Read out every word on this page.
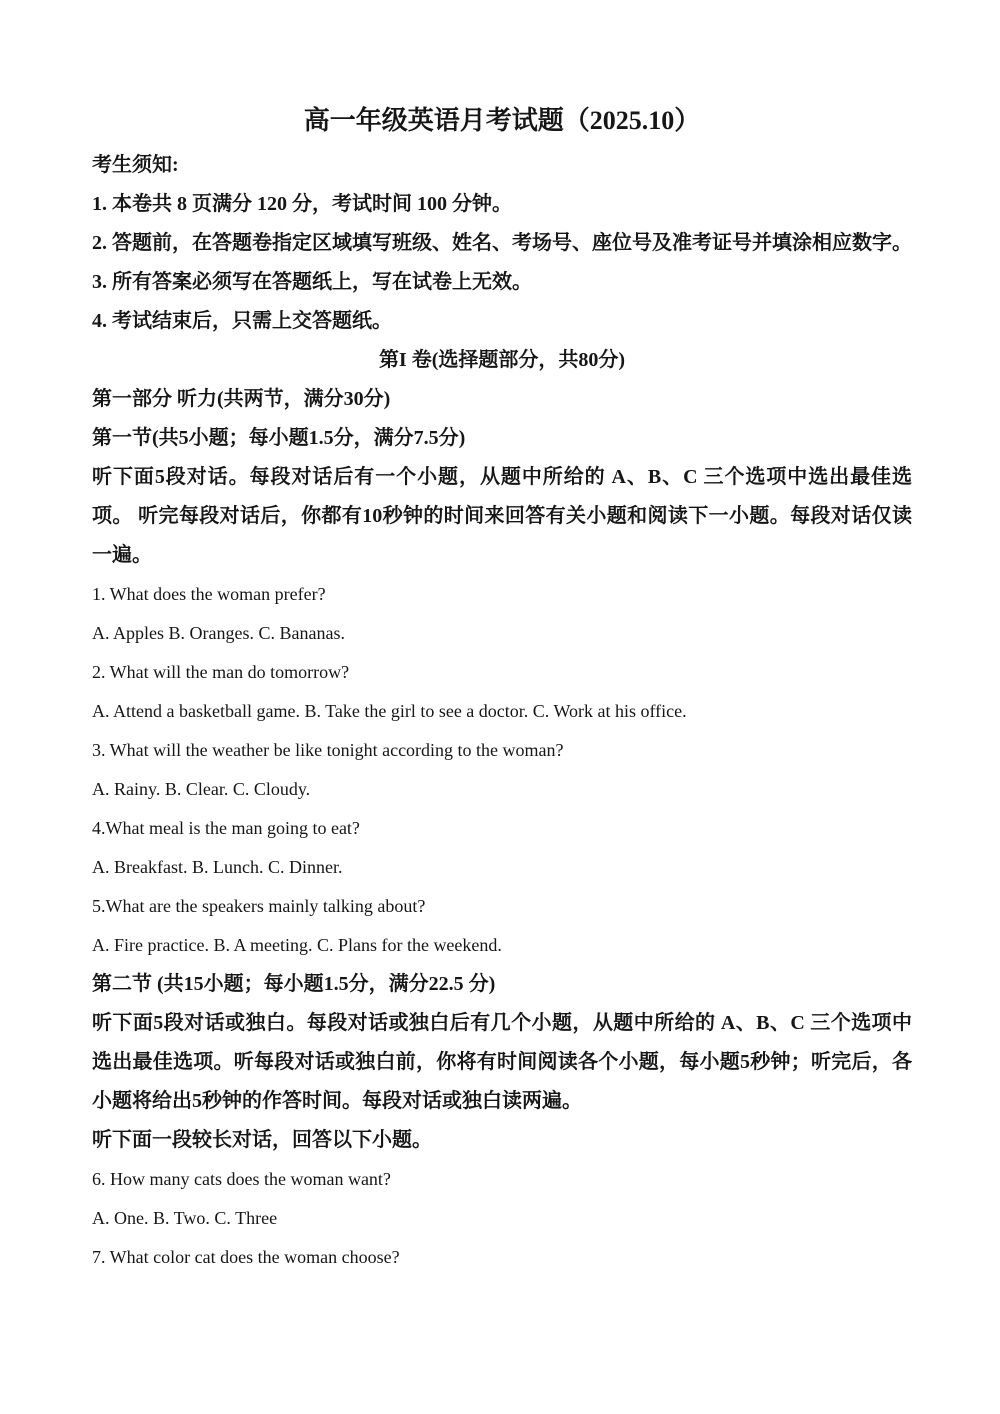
高一年级英语月考试题（2025.10）

考生须知:

1. 本卷共 8 页满分 120 分，考试时间 100 分钟。

2. 答题前，在答题卷指定区域填写班级、姓名、考场号、座位号及准考证号并填涂相应数字。

3. 所有答案必须写在答题纸上，写在试卷上无效。

4. 考试结束后，只需上交答题纸。

第I 卷(选择题部分，共80分)

第一部分 听力(共两节，满分30分)

第一节(共5小题；每小题1.5分，满分7.5分)

听下面5段对话。每段对话后有一个小题，从题中所给的 A、B、C 三个选项中选出最佳选项。 听完每段对话后，你都有10秒钟的时间来回答有关小题和阅读下一小题。每段对话仅读一遍。

1. What does the woman prefer?

A. Apples B. Oranges. C. Bananas.

2. What will the man do tomorrow?

A. Attend a basketball game. B. Take the girl to see a doctor. C. Work at his office.

3. What will the weather be like tonight according to the woman?

A. Rainy. B. Clear. C. Cloudy.

4.What meal is the man going to eat?

A. Breakfast. B. Lunch. C. Dinner.

5.What are the speakers mainly talking about?

A. Fire practice. B. A meeting. C. Plans for the weekend.

第二节 (共15小题；每小题1.5分，满分22.5 分)

听下面5段对话或独白。每段对话或独白后有几个小题，从题中所给的 A、B、C 三个选项中选出最佳选项。听每段对话或独白前，你将有时间阅读各个小题，每小题5秒钟；听完后，各小题将给出5秒钟的作答时间。每段对话或独白读两遍。

听下面一段较长对话，回答以下小题。

6. How many cats does the woman want?

A. One. B. Two. C. Three

7. What color cat does the woman choose?
